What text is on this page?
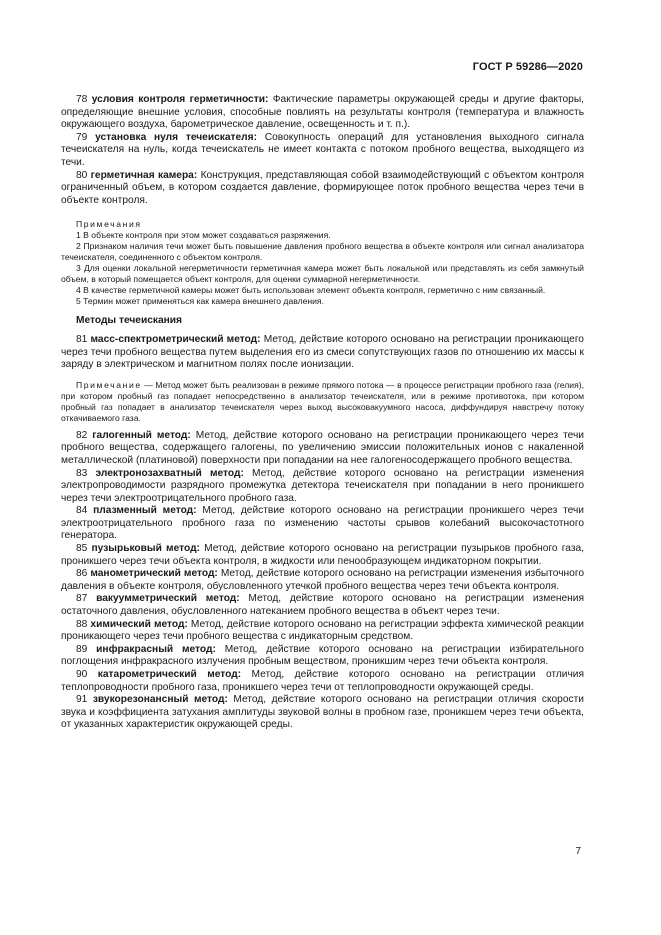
ГОСТ Р 59286—2020

78 условия контроля герметичности: Фактические параметры окружающей среды и другие факторы, определяющие внешние условия, способные повлиять на результаты контроля (температура и влажность окружающего воздуха, барометрическое давление, освещенность и т. п.).

79 установка нуля течеискателя: Совокупность операций для установления выходного сигнала течеискателя на нуль, когда течеискатель не имеет контакта с потоком пробного вещества, выходящего из течи.

80 герметичная камера: Конструкция, представляющая собой взаимодействующий с объектом контроля ограниченный объем, в котором создается давление, формирующее поток пробного вещества через течи в объекте контроля.

Примечания

1 В объекте контроля при этом может создаваться разряжения.

2 Признаком наличия течи может быть повышение давления пробного вещества в объекте контроля или сигнал анализатора течеискателя, соединенного с объектом контроля.

3 Для оценки локальной негерметичности герметичная камера может быть локальной или представлять из себя замкнутый объем, в который помещается объект контроля, для оценки суммарной негерметичности.

4 В качестве герметичной камеры может быть использован элемент объекта контроля, герметично с ним связанный.

5 Термин может применяться как камера внешнего давления.

Методы течеискания

81 масс-спектрометрический метод: Метод, действие которого основано на регистрации проникающего через течи пробного вещества путем выделения его из смеси сопутствующих газов по отношению их массы к заряду в электрическом и магнитном полях после ионизации.

Примечание — Метод может быть реализован в режиме прямого потока — в процессе регистрации пробного газа (гелия), при котором пробный газ попадает непосредственно в анализатор течеискателя, или в режиме противотока, при котором пробный газ попадает в анализатор течеискателя через выход высоковакуумного насоса, диффундируя навстречу потоку откачиваемого газа.

82 галогенный метод: Метод, действие которого основано на регистрации проникающего через течи пробного вещества, содержащего галогены, по увеличению эмиссии положительных ионов с накаленной металлической (платиновой) поверхности при попадании на нее галогеносодержащего пробного вещества.

83 электронозахватный метод: Метод, действие которого основано на регистрации изменения электропроводимости разрядного промежутка детектора течеискателя при попадании в него проникшего через течи электроотрицательного пробного газа.

84 плазменный метод: Метод, действие которого основано на регистрации проникшего через течи электроотрицательного пробного газа по изменению частоты срывов колебаний высокочастотного генератора.

85 пузырьковый метод: Метод, действие которого основано на регистрации пузырьков пробного газа, проникшего через течи объекта контроля, в жидкости или пенообразующем индикаторном покрытии.

86 манометрический метод: Метод, действие которого основано на регистрации изменения избыточного давления в объекте контроля, обусловленного утечкой пробного вещества через течи объекта контроля.

87 вакуумметрический метод: Метод, действие которого основано на регистрации изменения остаточного давления, обусловленного натеканием пробного вещества в объект через течи.

88 химический метод: Метод, действие которого основано на регистрации эффекта химической реакции проникающего через течи пробного вещества с индикаторным средством.

89 инфракрасный метод: Метод, действие которого основано на регистрации избирательного поглощения инфракрасного излучения пробным веществом, проникшим через течи объекта контроля.

90 катарометрический метод: Метод, действие которого основано на регистрации отличия теплопроводности пробного газа, проникшего через течи от теплопроводности окружающей среды.

91 звукорезонансный метод: Метод, действие которого основано на регистрации отличия скорости звука и коэффициента затухания амплитуды звуковой волны в пробном газе, проникшем через течи объекта, от указанных характеристик окружающей среды.

7
